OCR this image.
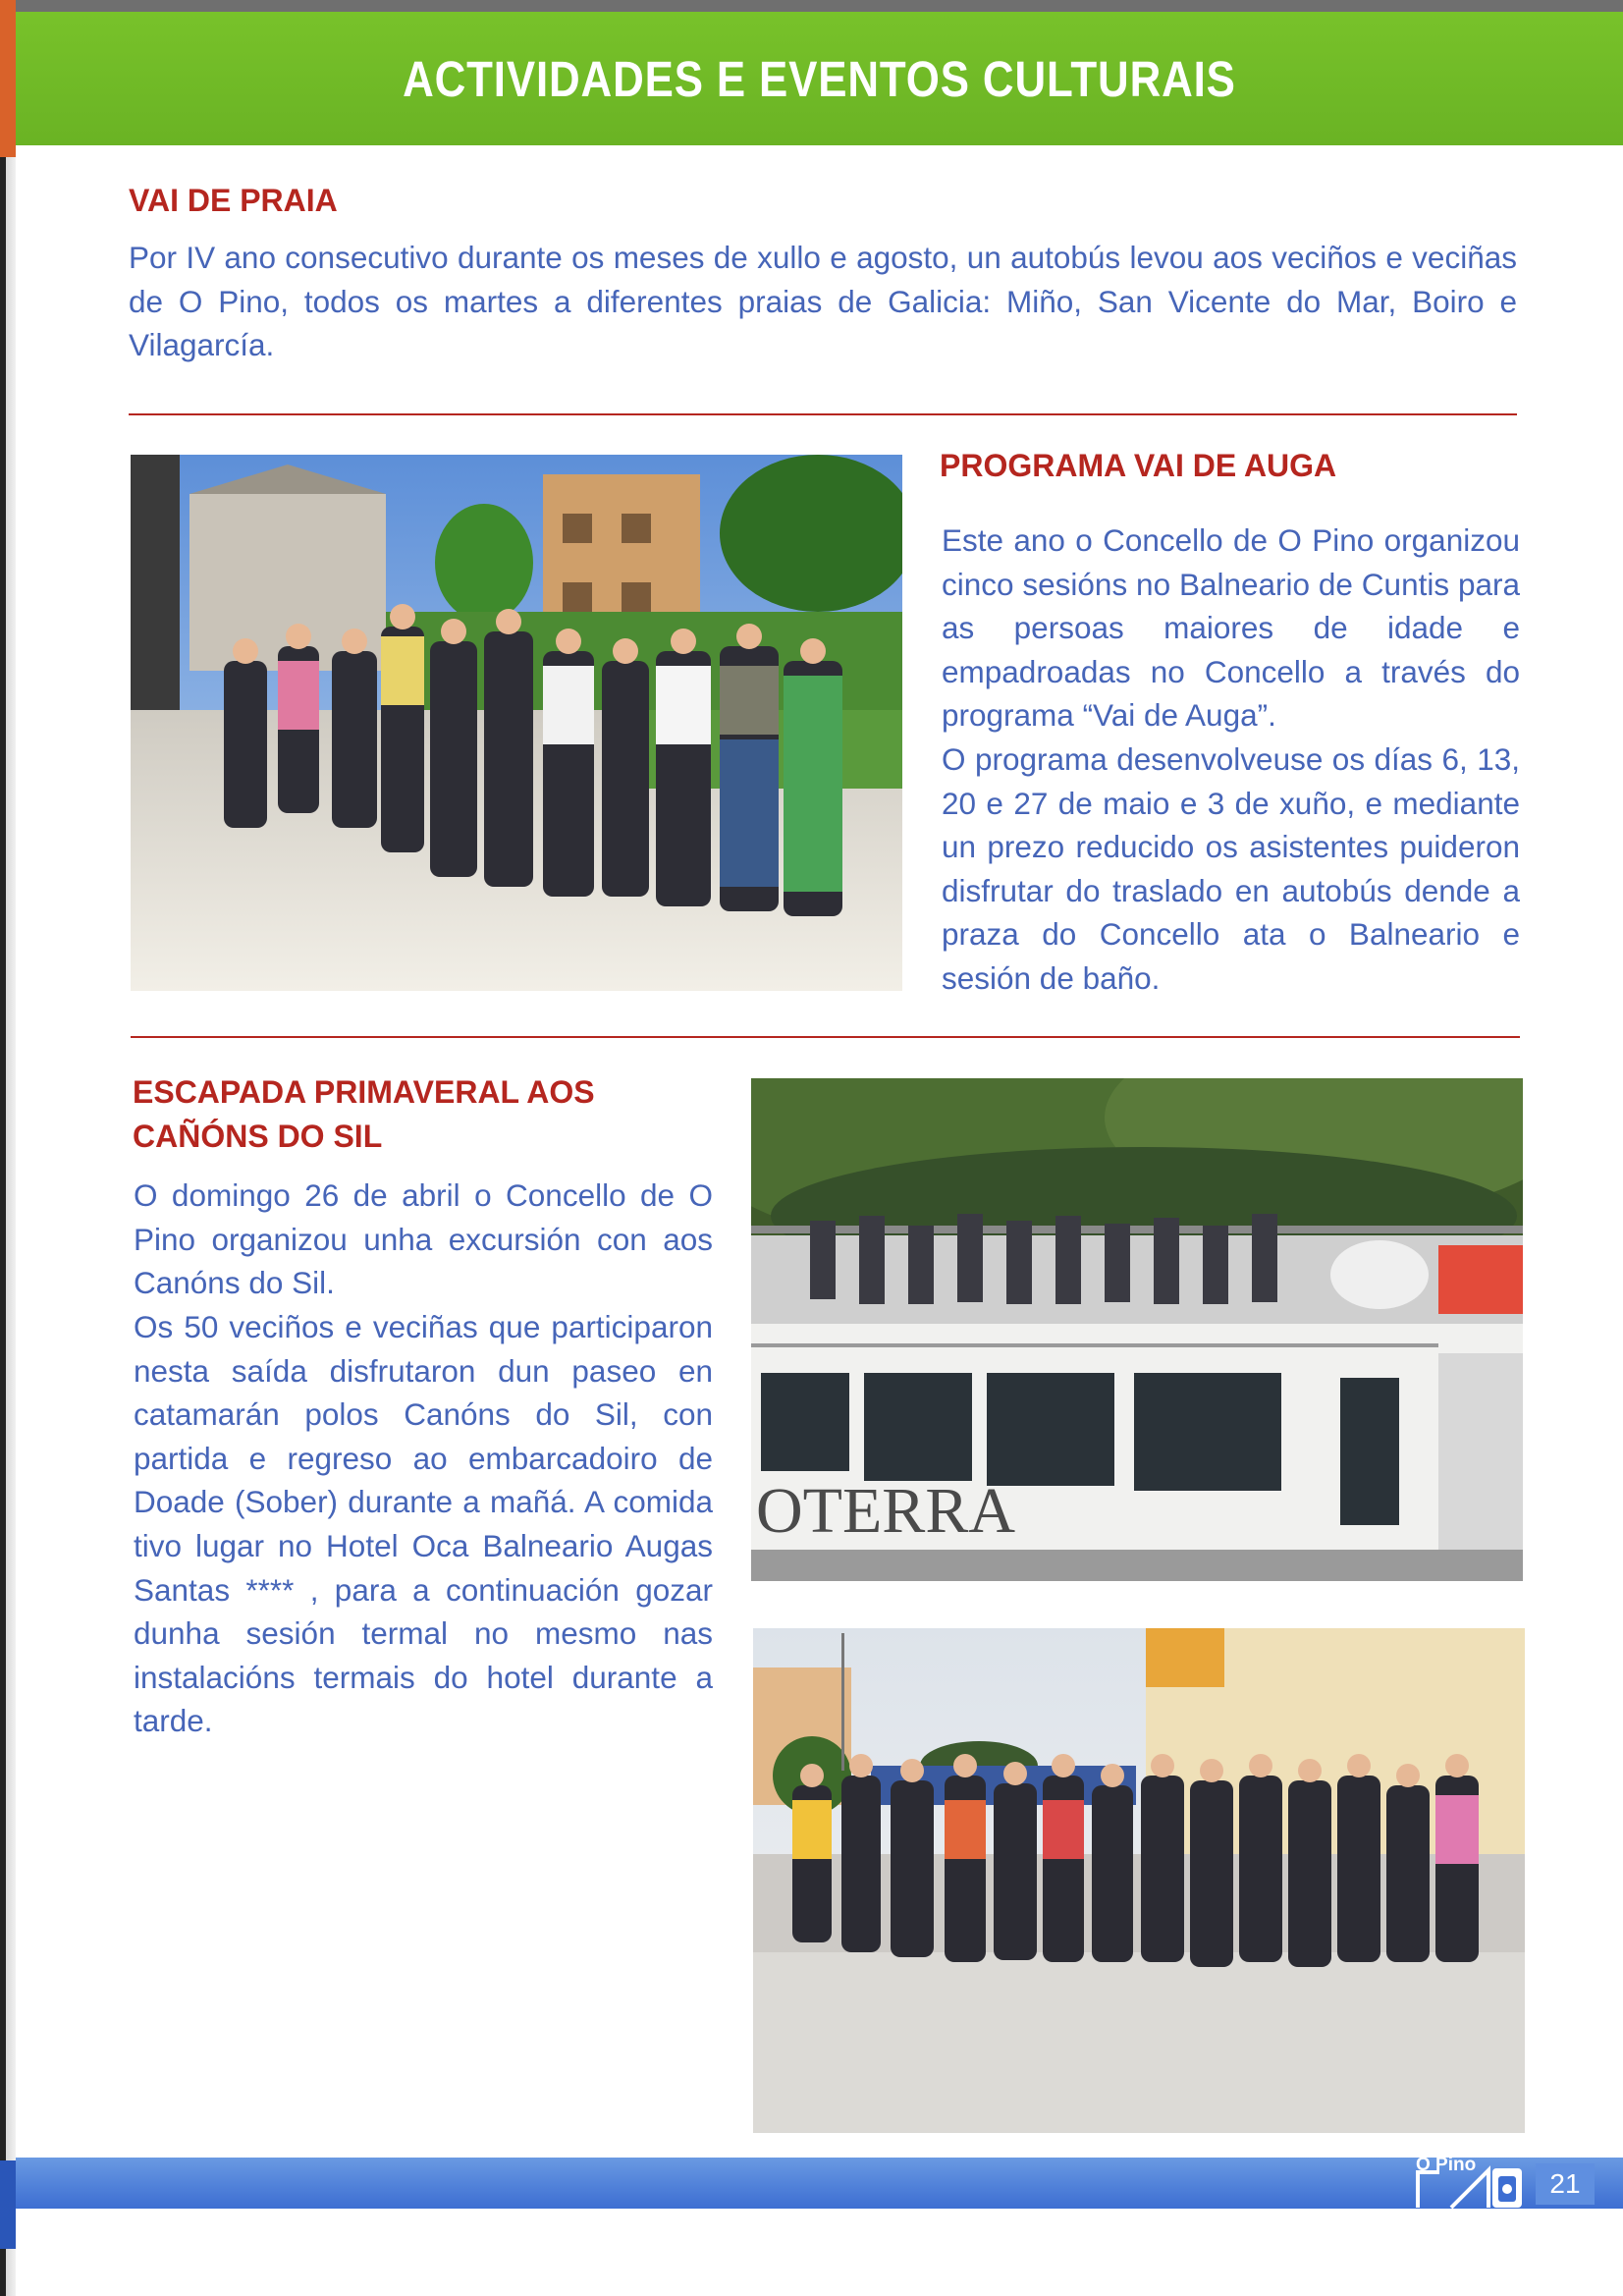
ACTIVIDADES E EVENTOS CULTURAIS
VAI DE PRAIA

Por IV ano consecutivo durante os meses de xullo e agosto, un autobús levou aos veciños e veciñas de O Pino, todos os martes a diferentes praias de Galicia: Miño, San Vicente do Mar, Boiro e Vilagarcía.

PROGRAMA VAI DE AUGA

Este ano o Concello de O Pino organizou cinco sesións no Balneario de Cuntis para as persoas maiores de idade e empadroadas no Concello a través do programa “Vai de Auga”.

O programa desenvolveuse os días 6, 13, 20 e 27 de maio e 3 de xuño, e mediante un prezo reducido os asistentes puideron disfrutar do traslado en autobús dende a praza do Concello ata o Balneario e sesión de baño.

ESCAPADA PRIMAVERAL AOS
CAÑÓNS DO SIL

O domingo 26 de abril o Concello de O Pino organizou unha excursión con aos Canóns do Sil.

Os 50 veciños e veciñas que participaron nesta saída disfrutaron dun paseo en catamarán polos Canóns do Sil, con partida e regreso ao embarcadoiro de Doade (Sober) durante a mañá. A comida tivo lugar no Hotel Oca Balneario Augas Santas **** , para a continuación gozar dunha sesión termal no mesmo nas instalacións termais do hotel durante a tarde.

OTERRA
O Pino
21
